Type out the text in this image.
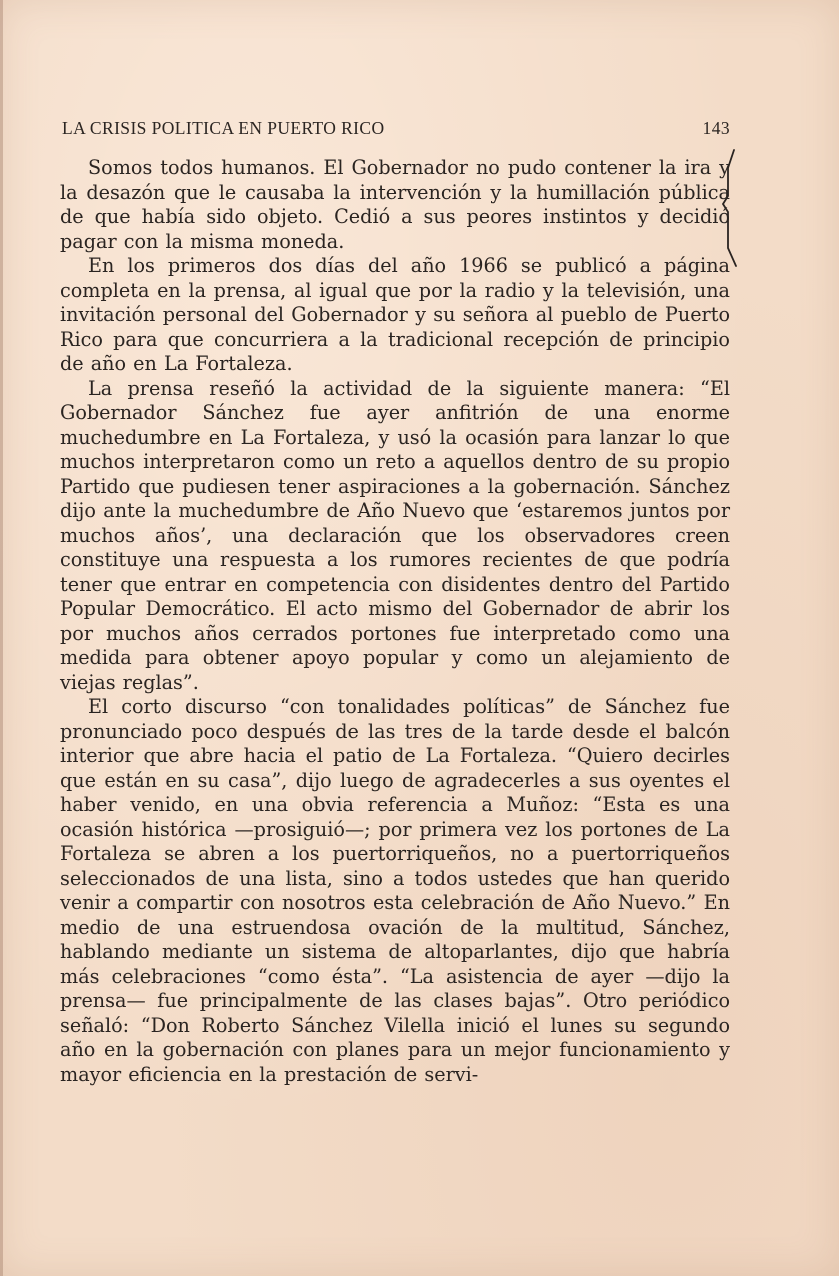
LA CRISIS POLITICA EN PUERTO RICO	143

Somos todos humanos. El Gobernador no pudo contener la ira y la desazón que le causaba la intervención y la humillación pública de que había sido objeto. Cedió a sus peores instintos y decidió pagar con la misma moneda.

En los primeros dos días del año 1966 se publicó a página completa en la prensa, al igual que por la radio y la televisión, una invitación personal del Gobernador y su señora al pueblo de Puerto Rico para que concurriera a la tradicional recepción de principio de año en La Fortaleza.

La prensa reseñó la actividad de la siguiente manera: “El Gobernador Sánchez fue ayer anfitrión de una enorme muchedumbre en La Fortaleza, y usó la ocasión para lanzar lo que muchos interpretaron como un reto a aquellos dentro de su propio Partido que pudiesen tener aspiraciones a la gobernación. Sánchez dijo ante la muchedumbre de Año Nuevo que ‘estaremos juntos por muchos años’, una declaración que los observadores creen constituye una respuesta a los rumores recientes de que podría tener que entrar en competencia con disidentes dentro del Partido Popular Democrático. El acto mismo del Gobernador de abrir los por muchos años cerrados portones fue interpretado como una medida para obtener apoyo popular y como un alejamiento de viejas reglas”.

El corto discurso “con tonalidades políticas” de Sánchez fue pronunciado poco después de las tres de la tarde desde el balcón interior que abre hacia el patio de La Fortaleza. “Quiero decirles que están en su casa”, dijo luego de agradecerles a sus oyentes el haber venido, en una obvia referencia a Muñoz: “Esta es una ocasión histórica —prosiguió—; por primera vez los portones de La Fortaleza se abren a los puertorriqueños, no a puertorriqueños seleccionados de una lista, sino a todos ustedes que han querido venir a compartir con nosotros esta celebración de Año Nuevo.” En medio de una estruendosa ovación de la multitud, Sánchez, hablando mediante un sistema de altoparlantes, dijo que habría más celebraciones “como ésta”. “La asistencia de ayer —dijo la prensa— fue principalmente de las clases bajas”. Otro periódico señaló: “Don Roberto Sánchez Vilella inició el lunes su segundo año en la gobernación con planes para un mejor funcionamiento y mayor eficiencia en la prestación de servi-
